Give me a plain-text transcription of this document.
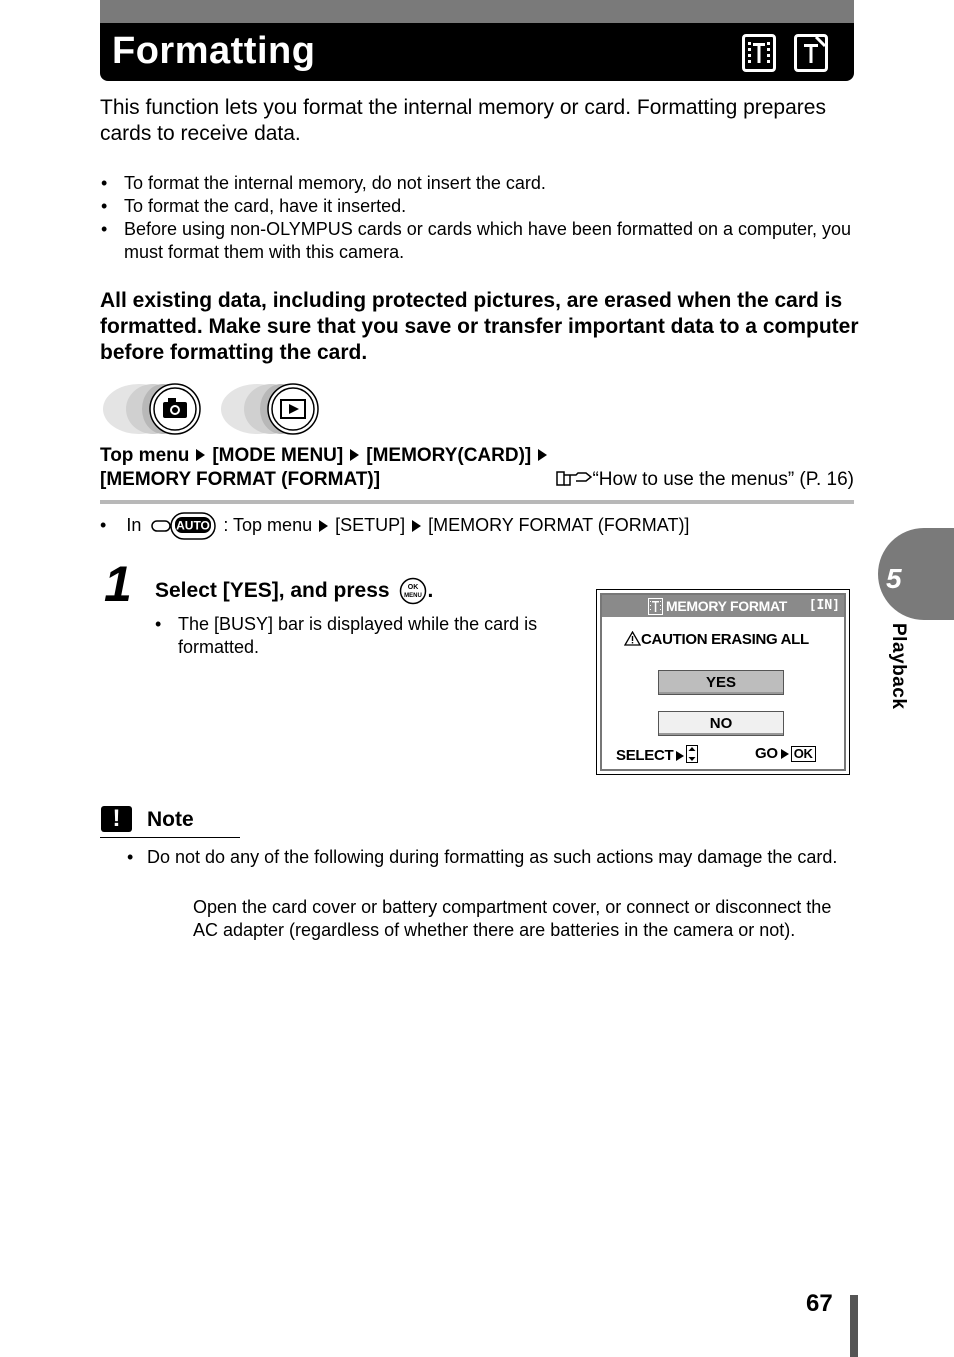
Formatting
This function lets you format the internal memory or card. Formatting prepares cards to receive data.
• To format the internal memory, do not insert the card.
• To format the card, have it inserted.
• Before using non-OLYMPUS cards or cards which have been formatted on a computer, you must format them with this camera.
All existing data, including protected pictures, are erased when the card is formatted. Make sure that you save or transfer important data to a computer before formatting the card.
Top menu [MODE MENU] [MEMORY(CARD)]
[MEMORY FORMAT (FORMAT)]	“How to use the menus” (P. 16)
•    In	AUTO : Top menu [SETUP] [MEMORY FORMAT (FORMAT)]
1 Select [YES], and press	OK
MENU .
• The [BUSY] bar is displayed while the card is formatted.
MEMORY FORMAT [IN]
CAUTION ERASING ALL
YES
NO
SELECT	GO OK
!	Note
• Do not do any of the following during formatting as such actions may damage the card.
Open the card cover or battery compartment cover, or connect or disconnect the AC adapter (regardless of whether there are batteries in the camera or not).
5
Playback
67
